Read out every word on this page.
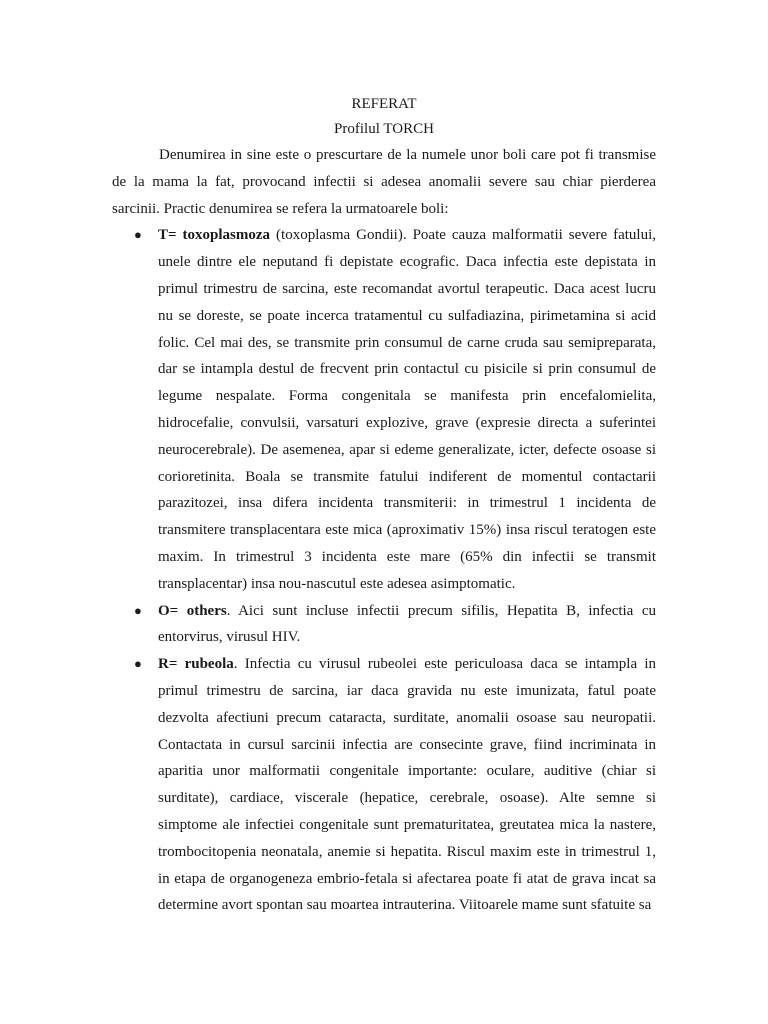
REFERAT

Profilul TORCH

Denumirea in sine este o prescurtare de la numele unor boli care pot fi transmise de la mama la fat, provocand infectii si adesea anomalii severe sau chiar pierderea sarcinii. Practic denumirea se refera la urmatoarele boli:

● T= toxoplasmoza (toxoplasma Gondii). Poate cauza malformatii severe fatului, unele dintre ele neputand fi depistate ecografic. Daca infectia este depistata in primul trimestru de sarcina, este recomandat avortul terapeutic. Daca acest lucru nu se doreste, se poate incerca tratamentul cu sulfadiazina, pirimetamina si acid folic. Cel mai des, se transmite prin consumul de carne cruda sau semipreparata, dar se intampla destul de frecvent prin contactul cu pisicile si prin consumul de legume nespalate. Forma congenitala se manifesta prin encefalomielita, hidrocefalie, convulsii, varsaturi explozive, grave (expresie directa a suferintei neurocerebrale). De asemenea, apar si edeme generalizate, icter, defecte osoase si corioretinita. Boala se transmite fatului indiferent de momentul contactarii parazitozei, insa difera incidenta transmiterii: in trimestrul 1 incidenta de transmitere transplacentara este mica (aproximativ 15%) insa riscul teratogen este maxim. In trimestrul 3 incidenta este mare (65% din infectii se transmit transplacentar) insa nou-nascutul este adesea asimptomatic.
● O= others. Aici sunt incluse infectii precum sifilis, Hepatita B, infectia cu entorvirus, virusul HIV.
● R= rubeola. Infectia cu virusul rubeolei este periculoasa daca se intampla in primul trimestru de sarcina, iar daca gravida nu este imunizata, fatul poate dezvolta afectiuni precum cataracta, surditate, anomalii osoase sau neuropatii. Contactata in cursul sarcinii infectia are consecinte grave, fiind incriminata in aparitia unor malformatii congenitale importante: oculare, auditive (chiar si surditate), cardiace, viscerale (hepatice, cerebrale, osoase). Alte semne si simptome ale infectiei congenitale sunt prematuritatea, greutatea mica la nastere, trombocitopenia neonatala, anemie si hepatita. Riscul maxim este in trimestrul 1, in etapa de organogeneza embrio-fetala si afectarea poate fi atat de grava incat sa determine avort spontan sau moartea intrauterina. Viitoarele mame sunt sfatuite sa
